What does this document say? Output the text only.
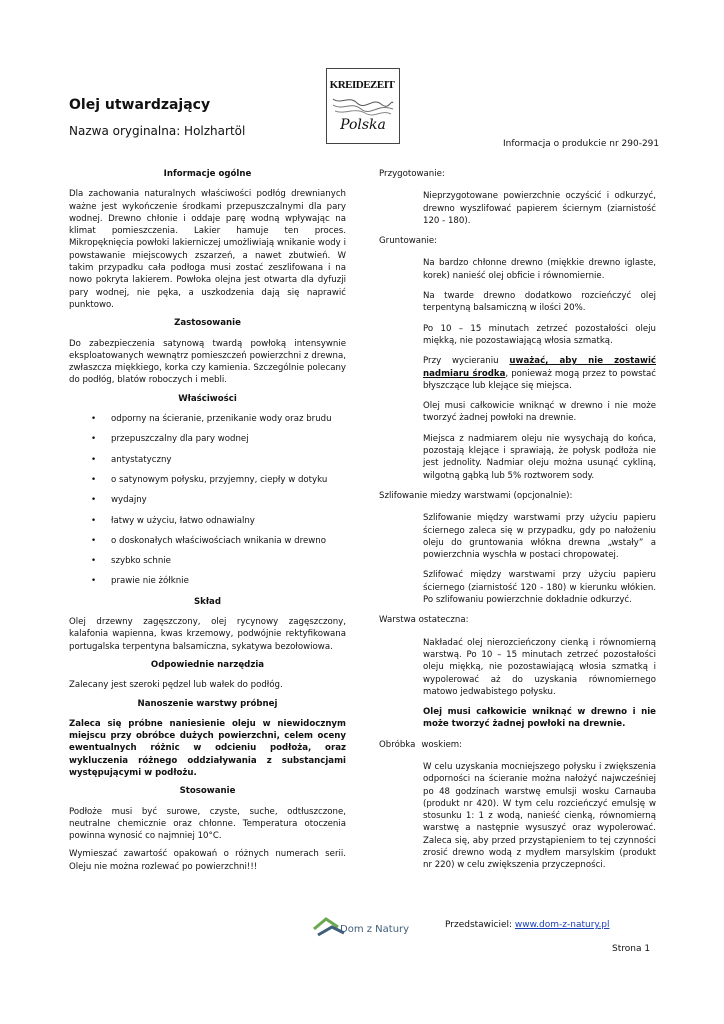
Olej utwardzający
Nazwa oryginalna: Holzhartöl
KREIDEZEIT
Polska
Informacja o produkcie nr 290-291
Informacje ogólne

Dla zachowania naturalnych właściwości podłóg drewnianych ważne jest wykończenie środkami przepuszczalnymi dla pary wodnej. Drewno chłonie i oddaje parę wodną wpływając na klimat pomieszczenia. Lakier hamuje ten proces. Mikropęknięcia powłoki lakierniczej umożliwiają wnikanie wody i powstawanie miejscowych zszarzeń, a nawet zbutwień. W takim przypadku cała podłoga musi zostać zeszlifowana i na nowo pokryta lakierem. Powłoka olejna jest otwarta dla dyfuzji pary wodnej, nie pęka, a uszkodzenia dają się naprawić punktowo.

Zastosowanie

Do zabezpieczenia satynową twardą powłoką intensywnie eksploatowanych wewnątrz pomieszczeń powierzchni z drewna, zwłaszcza miękkiego, korka czy kamienia. Szczególnie polecany do podłóg, blatów roboczych i mebli.

Właściwości
• odporny na ścieranie, przenikanie wody oraz brudu
• przepuszczalny dla pary wodnej
• antystatyczny
• o satynowym połysku, przyjemny, ciepły w dotyku
• wydajny
• łatwy w użyciu, łatwo odnawialny
• o doskonałych właściwościach wnikania w drewno
• szybko schnie
• prawie nie żółknie
Skład

Olej drzewny zagęszczony, olej rycynowy zagęszczony, kalafonia wapienna, kwas krzemowy, podwójnie rektyfikowana portugalska terpentyna balsamiczna, sykatywa bezołowiowa.

Odpowiednie narzędzia

Zalecany jest szeroki pędzel lub wałek do podłóg.

Nanoszenie warstwy próbnej

Zaleca się próbne naniesienie oleju w niewidocznym miejscu przy obróbce dużych powierzchni, celem oceny ewentualnych różnic w odcieniu podłoża, oraz wykluczenia różnego oddziaływania z substancjami występującymi w podłożu.

Stosowanie

Podłoże musi być surowe, czyste, suche, odtłuszczone, neutralne chemicznie oraz chłonne. Temperatura otoczenia powinna wynosić co najmniej 10°C.

Wymieszać zawartość opakowań o różnych numerach serii. Oleju nie można rozlewać po powierzchni!!!

Przygotowanie:

Nieprzygotowane powierzchnie oczyścić i odkurzyć, drewno wyszlifować papierem ściernym (ziarnistość 120 - 180).

Gruntowanie:

Na bardzo chłonne drewno (miękkie drewno iglaste, korek) nanieść olej obficie i równomiernie.

Na twarde drewno dodatkowo rozcieńczyć olej terpentyną balsamiczną w ilości 20%.

Po 10 – 15 minutach zetrzeć pozostałości oleju miękką, nie pozostawiającą włosia szmatką.

Przy wycieraniu uważać, aby nie zostawić nadmiaru środka, ponieważ mogą przez to powstać błyszczące lub klejące się miejsca.

Olej musi całkowicie wniknąć w drewno i nie może tworzyć żadnej powłoki na drewnie.

Miejsca z nadmiarem oleju nie wysychają do końca, pozostają klejące i sprawiają, że połysk podłoża nie jest jednolity. Nadmiar oleju można usunąć cykliną, wilgotną gąbką lub 5% roztworem sody.

Szlifowanie miedzy warstwami (opcjonalnie):

Szlifowanie między warstwami przy użyciu papieru ściernego zaleca się w przypadku, gdy po nałożeniu oleju do gruntowania włókna drewna „wstały” a powierzchnia wyschła w postaci chropowatej.

Szlifować między warstwami przy użyciu papieru ściernego (ziarnistość 120 - 180) w kierunku włókien. Po szlifowaniu powierzchnie dokładnie odkurzyć.

Warstwa ostateczna:

Nakładać olej nierozcieńczony cienką i równomierną warstwą. Po 10 – 15 minutach zetrzeć pozostałości oleju miękką, nie pozostawiającą włosia szmatką i wypolerować aż do uzyskania równomiernego matowo jedwabistego połysku.

Olej musi całkowicie wniknąć w drewno i nie może tworzyć żadnej powłoki na drewnie.

Obróbka woskiem:

W celu uzyskania mocniejszego połysku i zwiększenia odporności na ścieranie można nałożyć najwcześniej po 48 godzinach warstwę emulsji wosku Carnauba (produkt nr 420). W tym celu rozcieńczyć emulsję w stosunku 1: 1 z wodą, nanieść cienką, równomierną warstwę a następnie wysuszyć oraz wypolerować. Zaleca się, aby przed przystąpieniem to tej czynności zrosić drewno wodą z mydłem marsylskim (produkt nr 220) w celu zwiększenia przyczepności.

Dom z Natury	Przedstawiciel: www.dom-z-natury.pl
Strona 1
